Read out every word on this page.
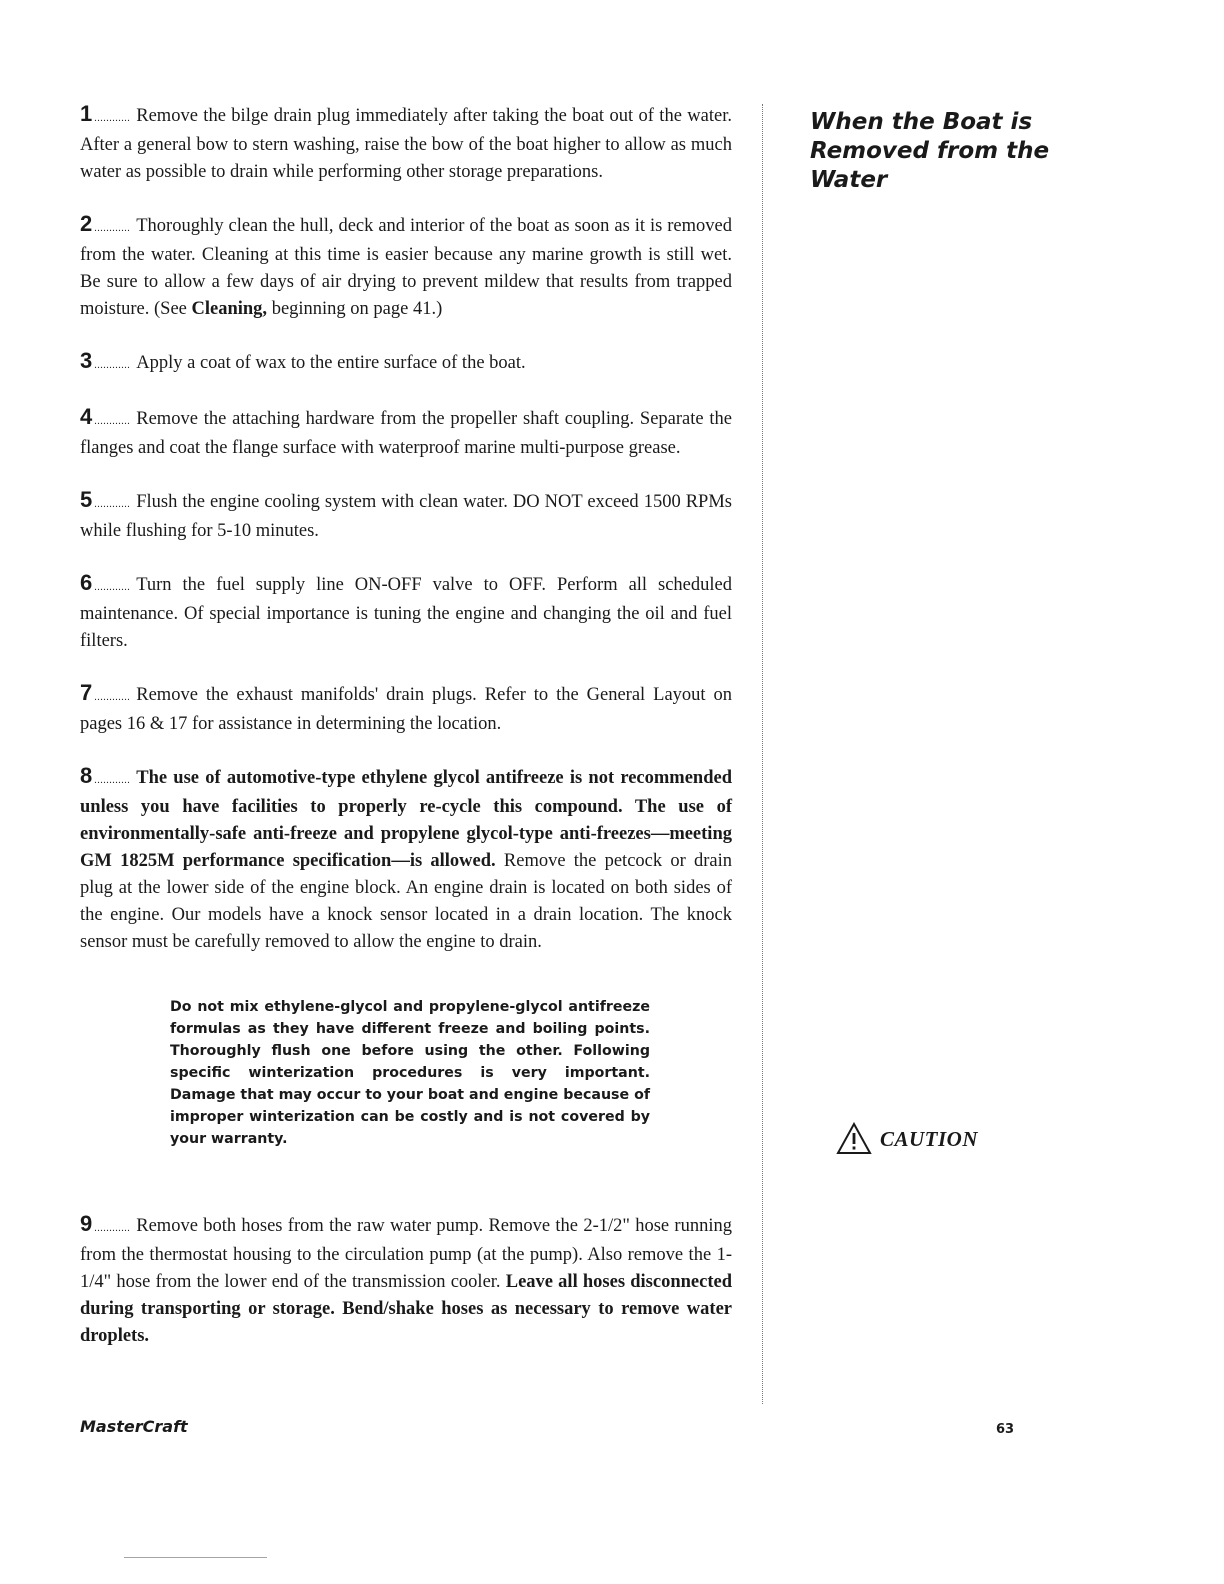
1 ............ Remove the bilge drain plug immediately after taking the boat out of the water. After a general bow to stern washing, raise the bow of the boat higher to allow as much water as possible to drain while performing other storage preparations.

2 ............ Thoroughly clean the hull, deck and interior of the boat as soon as it is removed from the water. Cleaning at this time is easier because any marine growth is still wet. Be sure to allow a few days of air drying to prevent mildew that results from trapped moisture. (See Cleaning, beginning on page 41.)

3 ............ Apply a coat of wax to the entire surface of the boat.

4 ............ Remove the attaching hardware from the propeller shaft coupling. Separate the flanges and coat the flange surface with waterproof marine multi-purpose grease.

5 ............ Flush the engine cooling system with clean water. DO NOT exceed 1500 RPMs while flushing for 5-10 minutes.

6 ............ Turn the fuel supply line ON-OFF valve to OFF. Perform all scheduled maintenance. Of special importance is tuning the engine and changing the oil and fuel filters.

7 ............ Remove the exhaust manifolds' drain plugs. Refer to the General Layout on pages 16 & 17 for assistance in determining the location.

8 ............ The use of automotive-type ethylene glycol antifreeze is not recommended unless you have facilities to properly re-cycle this compound. The use of environmentally-safe anti-freeze and propylene glycol-type anti-freezes—meeting GM 1825M performance specification—is allowed. Remove the petcock or drain plug at the lower side of the engine block. An engine drain is located on both sides of the engine. Our models have a knock sensor located in a drain location. The knock sensor must be carefully removed to allow the engine to drain.

Do not mix ethylene-glycol and propylene-glycol antifreeze formulas as they have different freeze and boiling points. Thoroughly flush one before using the other. Following specific winterization procedures is very important. Damage that may occur to your boat and engine because of improper winterization can be costly and is not covered by your warranty.

9 ............ Remove both hoses from the raw water pump. Remove the 2-1/2" hose running from the thermostat housing to the circulation pump (at the pump). Also remove the 1-1/4" hose from the lower end of the transmission cooler. Leave all hoses disconnected during transporting or storage. Bend/shake hoses as necessary to remove water droplets.

When the Boat is Removed from the Water
CAUTION
MasterCraft	63
